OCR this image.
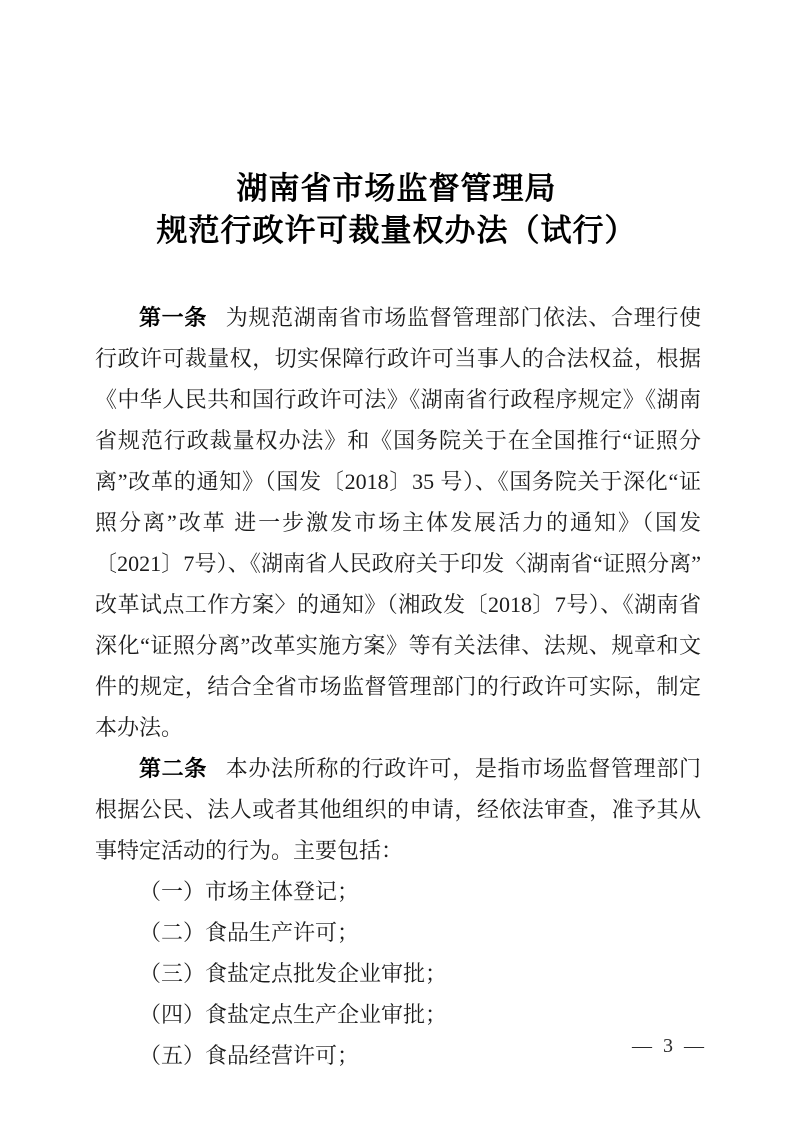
湖南省市场监督管理局
规范行政许可裁量权办法（试行）

第一条 为规范湖南省市场监督管理部门依法、合理行使行政许可裁量权，切实保障行政许可当事人的合法权益，根据《中华人民共和国行政许可法》《湖南省行政程序规定》《湖南省规范行政裁量权办法》和《国务院关于在全国推行“证照分离”改革的通知》（国发〔2018〕35 号）、《国务院关于深化“证照分离”改革 进一步激发市场主体发展活力的通知》（国发〔2021〕7号）、《湖南省人民政府关于印发〈湖南省“证照分离”改革试点工作方案〉的通知》（湘政发〔2018〕7号）、《湖南省深化“证照分离”改革实施方案》等有关法律、法规、规章和文件的规定，结合全省市场监督管理部门的行政许可实际，制定本办法。

第二条 本办法所称的行政许可，是指市场监督管理部门根据公民、法人或者其他组织的申请，经依法审查，准予其从事特定活动的行为。主要包括：

（一）市场主体登记；

（二）食品生产许可；

（三）食盐定点批发企业审批；

（四）食盐定点生产企业审批；

（五）食品经营许可；	— 3 —
